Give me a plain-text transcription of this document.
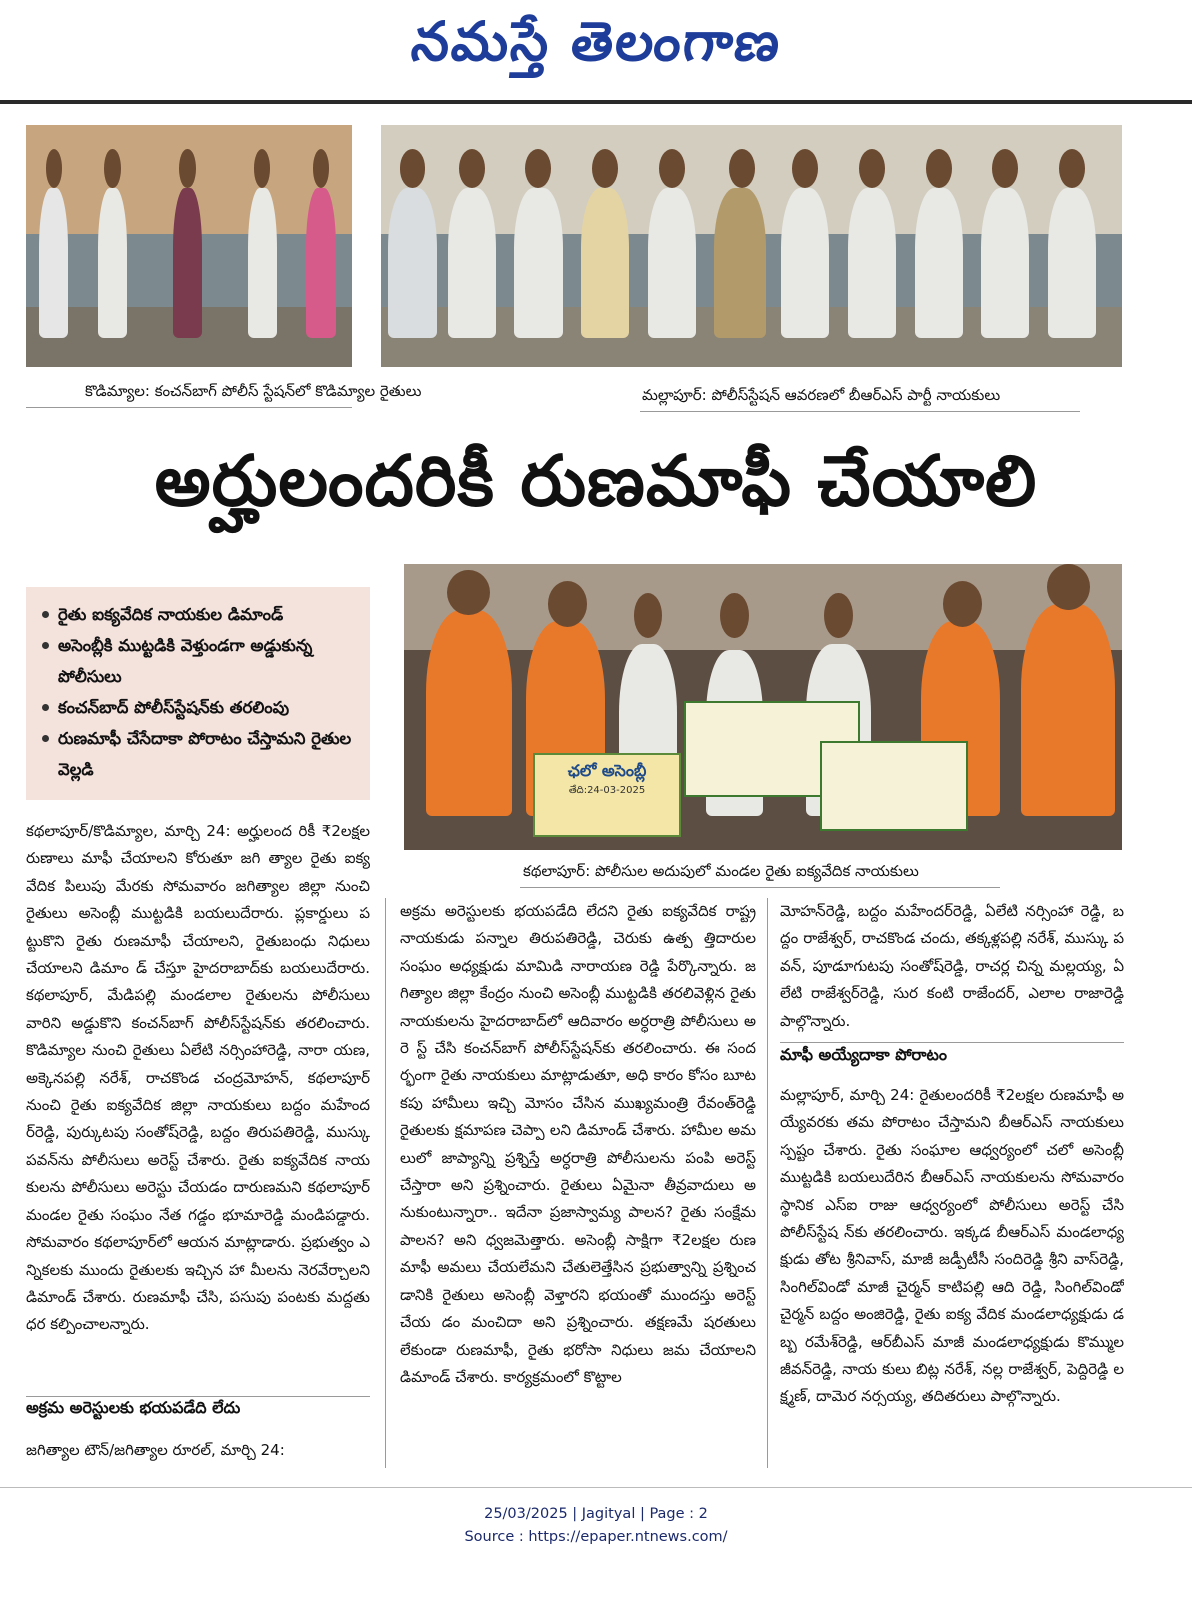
నమస్తే తెలంగాణ
కొడిమ్యాల: కంచన్‌బాగ్ పోలీస్ స్టేషన్‌లో కొడిమ్యాల రైతులు	మల్లాపూర్: పోలీస్‌స్టేషన్ ఆవరణలో బీఆర్‌ఎస్ పార్టీ నాయకులు
అర్హులందరికీ రుణమాఫీ చేయాలి
రైతు ఐక్యవేదిక నాయకుల డిమాండ్
అసెంబ్లీకి ముట్టడికి వెళ్తుండగా అడ్డుకున్న పోలీసులు
కంచన్‌బాద్ పోలీస్‌స్టేషన్‌కు తరలింపు
రుణమాఫీ చేసేదాకా పోరాటం చేస్తామని రైతుల వెల్లడి	ఛలో అసెంబ్లీ
తేది:24-03-2025
కథలాపూర్: పోలీసుల అదుపులో మండల రైతు ఐక్యవేదిక నాయకులు

కథలాపూర్/కొడిమ్యాల, మార్చి 24: అర్హులంద రికీ ₹2లక్షల రుణాలు మాఫీ చేయాలని కోరుతూ జగి త్యాల రైతు ఐక్యవేదిక పిలుపు మేరకు సోమవారం జగిత్యాల జిల్లా నుంచి రైతులు అసెంబ్లీ ముట్టడికి బయలుదేరారు. ప్లకార్డులు పట్టుకొని రైతు రుణమాఫీ చేయాలని, రైతుబంధు నిధులు చేయాలని డిమాం డ్ చేస్తూ హైదరాబాద్‌కు బయలుదేరారు. కథలాపూర్, మేడిపల్లి మండలాల రైతులను పోలీసులు వారిని అడ్డుకొని కంచన్‌బాగ్ పోలీస్‌స్టేషన్‌కు తరలించారు. కొడిమ్యాల నుంచి రైతులు ఏలేటి నర్సింహారెడ్డి, నారా యణ, అక్కెనపల్లి నరేశ్, రాచకొండ చంద్రమోహన్, కథలాపూర్ నుంచి రైతు ఐక్యవేదిక జిల్లా నాయకులు బద్దం మహేందర్‌రెడ్డి, పుర్కుటపు సంతోష్‌రెడ్డి, బద్దం తిరుపతిరెడ్డి, ముస్కు పవన్‌ను పోలీసులు అరెస్ట్ చేశారు. రైతు ఐక్యవేదిక నాయకులను పోలీసులు అరెస్టు చేయడం దారుణమని కథలాపూర్ మండల రైతు సంఘం నేత గడ్డం భూమారెడ్డి మండిపడ్డారు. సోమవారం కథలాపూర్‌లో ఆయన మాట్లాడారు. ప్రభుత్వం ఎన్నికలకు ముందు రైతులకు ఇచ్చిన హా మీలను నెరవేర్చాలని డిమాండ్ చేశారు. రుణమాఫీ చేసి, పసుపు పంటకు మద్దతు ధర కల్పించాలన్నారు.

అక్రమ అరెస్టులకు భయపడేది లేదు

జగిత్యాల టౌన్/జగిత్యాల రూరల్, మార్చి 24:

అక్రమ అరెస్టులకు భయపడేది లేదని రైతు ఐక్యవేదిక రాష్ట్ర నాయకుడు పన్నాల తిరుపతిరెడ్డి, చెరుకు ఉత్ప త్తిదారుల సంఘం అధ్యక్షుడు మామిడి నారాయణ రెడ్డి పేర్కొన్నారు. జగిత్యాల జిల్లా కేంద్రం నుంచి అసెంబ్లీ ముట్టడికి తరలివెళ్లిన రైతు నాయకులను హైదరాబాద్‌లో ఆదివారం అర్ధరాత్రి పోలీసులు అరె స్ట్ చేసి కంచన్‌బాగ్ పోలీస్‌స్టేషన్‌కు తరలించారు. ఈ సందర్భంగా రైతు నాయకులు మాట్లాడుతూ, అధి కారం కోసం బూటకపు హామీలు ఇచ్చి మోసం చేసిన ముఖ్యమంత్రి రేవంత్‌రెడ్డి రైతులకు క్షమాపణ చెప్పా లని డిమాండ్ చేశారు. హామీల అమలులో జాప్యాన్ని ప్రశ్నిస్తే అర్ధరాత్రి పోలీసులను పంపి అరెస్ట్ చేస్తారా అని ప్రశ్నించారు. రైతులు ఏమైనా తీవ్రవాదులు అనుకుంటున్నారా.. ఇదేనా ప్రజాస్వామ్య పాలన? రైతు సంక్షేమ పాలన? అని ధ్వజమెత్తారు. అసెంబ్లీ సాక్షిగా ₹2లక్షల రుణమాఫీ అమలు చేయలేమని చేతులెత్తేసిన ప్రభుత్వాన్ని ప్రశ్నించడానికి రైతులు అసెంబ్లీ వెళ్తారని భయంతో ముందస్తు అరెస్ట్ చేయ డం మంచిదా అని ప్రశ్నించారు. తక్షణమే షరతులు లేకుండా రుణమాఫీ, రైతు భరోసా నిధులు జమ చేయాలని డిమాండ్ చేశారు. కార్యక్రమంలో కొట్టాల

మోహన్‌రెడ్డి, బద్దం మహేందర్‌రెడ్డి, ఏలేటి నర్సింహా రెడ్డి, బద్దం రాజేశ్వర్, రాచకొండ చందు, తక్కళ్లపల్లి నరేశ్, ముస్కు పవన్, పూడూగుటపు సంతోష్‌రెడ్డి, రాచర్ల చిన్న మల్లయ్య, ఏలేటి రాజేశ్వర్‌రెడ్డి, సుర కంటి రాజేందర్, ఎలాల రాజారెడ్డి పాల్గొన్నారు.

మాఫీ అయ్యేదాకా పోరాటం

మల్లాపూర్, మార్చి 24: రైతులందరికీ ₹2లక్షల రుణమాఫీ అయ్యేవరకు తమ పోరాటం చేస్తామని బీఆర్‌ఎస్ నాయకులు స్పష్టం చేశారు. రైతు సంఘాల ఆధ్వర్యంలో చలో అసెంబ్లీ ముట్టడికి బయలుదేరిన బీఆర్‌ఎస్ నాయకులను సోమవారం స్థానిక ఎస్ఐ రాజు ఆధ్వర్యంలో పోలీసులు అరెస్ట్ చేసి పోలీస్‌స్టేష న్‌కు తరలించారు. ఇక్కడ బీఆర్‌ఎస్ మండలాధ్య క్షుడు తోట శ్రీనివాస్, మాజీ జడ్పీటీసీ సందిరెడ్డి శ్రీని వాస్‌రెడ్డి, సింగిల్‌విండో మాజీ చైర్మన్ కాటిపల్లి ఆది రెడ్డి, సింగిల్‌విండో చైర్మన్ బద్దం అంజిరెడ్డి, రైతు ఐక్య వేదిక మండలాధ్యక్షుడు డబ్బ రమేశ్‌రెడ్డి, ఆర్‌బీఎస్ మాజీ మండలాధ్యక్షుడు కొమ్ముల జీవన్‌రెడ్డి, నాయ కులు బిట్ల నరేశ్, నల్ల రాజేశ్వర్, పెద్దిరెడ్డి లక్ష్మణ్, దామెర నర్సయ్య, తదితరులు పాల్గొన్నారు.

25/03/2025 | Jagityal | Page : 2
Source : https://epaper.ntnews.com/
